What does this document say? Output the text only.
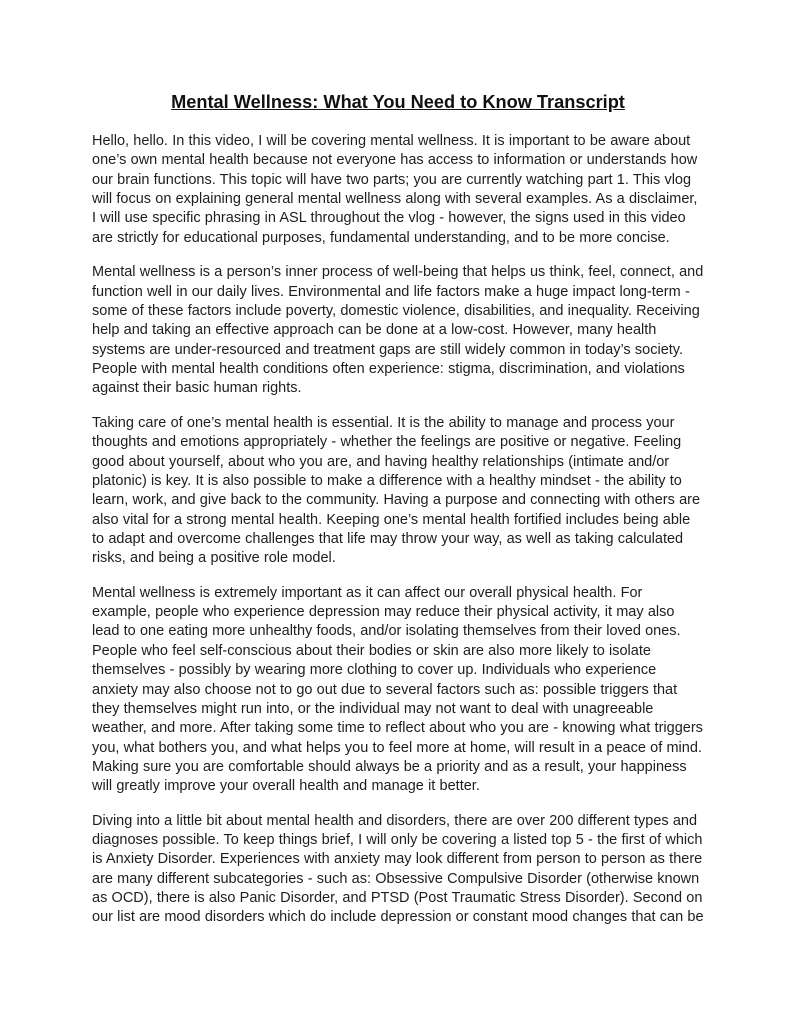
Mental Wellness: What You Need to Know Transcript

Hello, hello. In this video, I will be covering mental wellness. It is important to be aware about one’s own mental health because not everyone has access to information or understands how our brain functions. This topic will have two parts; you are currently watching part 1. This vlog will focus on explaining general mental wellness along with several examples. As a disclaimer, I will use specific phrasing in ASL throughout the vlog - however, the signs used in this video are strictly for educational purposes, fundamental understanding, and to be more concise.

Mental wellness is a person’s inner process of well-being that helps us think, feel, connect, and function well in our daily lives. Environmental and life factors make a huge impact long-term - some of these factors include poverty, domestic violence, disabilities, and inequality. Receiving help and taking an effective approach can be done at a low-cost. However, many health systems are under-resourced and treatment gaps are still widely common in today’s society. People with mental health conditions often experience: stigma, discrimination, and violations against their basic human rights.

Taking care of one’s mental health is essential. It is the ability to manage and process your thoughts and emotions appropriately - whether the feelings are positive or negative. Feeling good about yourself, about who you are, and having healthy relationships (intimate and/or platonic) is key. It is also possible to make a difference with a healthy mindset - the ability to learn, work, and give back to the community. Having a purpose and connecting with others are also vital for a strong mental health. Keeping one’s mental health fortified includes being able to adapt and overcome challenges that life may throw your way, as well as taking calculated risks, and being a positive role model.

Mental wellness is extremely important as it can affect our overall physical health. For example, people who experience depression may reduce their physical activity, it may also lead to one eating more unhealthy foods, and/or isolating themselves from their loved ones. People who feel self-conscious about their bodies or skin are also more likely to isolate themselves - possibly by wearing more clothing to cover up. Individuals who experience anxiety may also choose not to go out due to several factors such as: possible triggers that they themselves might run into, or the individual may not want to deal with unagreeable weather, and more. After taking some time to reflect about who you are - knowing what triggers you, what bothers you, and what helps you to feel more at home, will result in a peace of mind. Making sure you are comfortable should always be a priority and as a result, your happiness will greatly improve your overall health and manage it better.

Diving into a little bit about mental health and disorders, there are over 200 different types and diagnoses possible. To keep things brief, I will only be covering a listed top 5 - the first of which is Anxiety Disorder. Experiences with anxiety may look different from person to person as there are many different subcategories - such as: Obsessive Compulsive Disorder (otherwise known as OCD), there is also Panic Disorder, and PTSD (Post Traumatic Stress Disorder). Second on our list are mood disorders which do include depression or constant mood changes that can be
